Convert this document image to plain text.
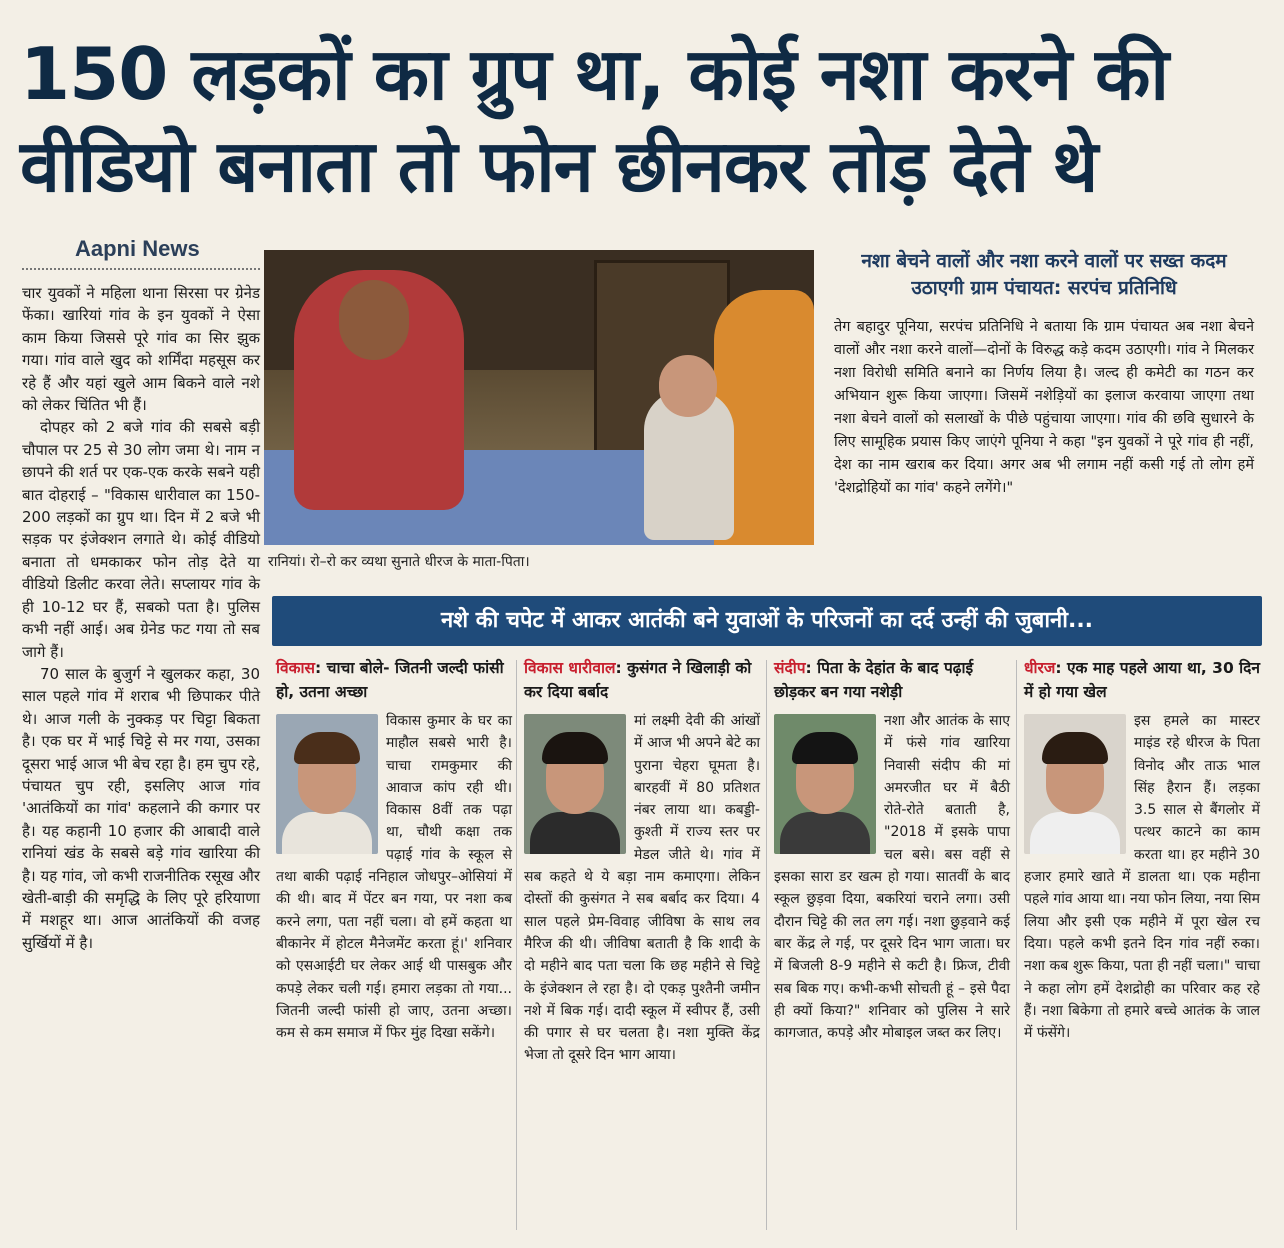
150 लड़कों का ग्रुप था, कोई नशा करने की
वीडियो बनाता तो फोन छीनकर तोड़ देते थे
Aapni News

चार युवकों ने महिला थाना सिरसा पर ग्रेनेड फेंका। खारियां गांव के इन युवकों ने ऐसा काम किया जिससे पूरे गांव का सिर झुक गया। गांव वाले खुद को शर्मिंदा महसूस कर रहे हैं और यहां खुले आम बिकने वाले नशे को लेकर चिंतित भी हैं।

दोपहर को 2 बजे गांव की सबसे बड़ी चौपाल पर 25 से 30 लोग जमा थे। नाम न छापने की शर्त पर एक-एक करके सबने यही बात दोहराई – "विकास धारीवाल का 150-200 लड़कों का ग्रुप था। दिन में 2 बजे भी सड़क पर इंजेक्शन लगाते थे। कोई वीडियो बनाता तो धमकाकर फोन तोड़ देते या वीडियो डिलीट करवा लेते। सप्लायर गांव के ही 10-12 घर हैं, सबको पता है। पुलिस कभी नहीं आई। अब ग्रेनेड फट गया तो सब जागे हैं।

70 साल के बुजुर्ग ने खुलकर कहा, 30 साल पहले गांव में शराब भी छिपाकर पीते थे। आज गली के नुक्कड़ पर चिट्टा बिकता है। एक घर में भाई चिट्टे से मर गया, उसका दूसरा भाई आज भी बेच रहा है। हम चुप रहे, पंचायत चुप रही, इसलिए आज गांव 'आतंकियों का गांव' कहलाने की कगार पर है। यह कहानी 10 हजार की आबादी वाले रानियां खंड के सबसे बड़े गांव खारिया की है। यह गांव, जो कभी राजनीतिक रसूख और खेती-बाड़ी की समृद्धि के लिए पूरे हरियाणा में मशहूर था। आज आतंकियों की वजह सुर्खियों में है।

रानियां। रो–रो कर व्यथा सुनाते धीरज के माता-पिता।
नशा बेचने वालों और नशा करने वालों पर सख्त कदम उठाएगी ग्राम पंचायत: सरपंच प्रतिनिधि
तेग बहादुर पूनिया, सरपंच प्रतिनिधि ने बताया कि ग्राम पंचायत अब नशा बेचने वालों और नशा करने वालों—दोनों के विरुद्ध कड़े कदम उठाएगी। गांव ने मिलकर नशा विरोधी समिति बनाने का निर्णय लिया है। जल्द ही कमेटी का गठन कर अभियान शुरू किया जाएगा। जिसमें नशेड़ियों का इलाज करवाया जाएगा तथा नशा बेचने वालों को सलाखों के पीछे पहुंचाया जाएगा। गांव की छवि सुधारने के लिए सामूहिक प्रयास किए जाएंगे पूनिया ने कहा "इन युवकों ने पूरे गांव ही नहीं, देश का नाम खराब कर दिया। अगर अब भी लगाम नहीं कसी गई तो लोग हमें 'देशद्रोहियों का गांव' कहने लगेंगे।"
नशे की चपेट में आकर आतंकी बने युवाओं के परिजनों का दर्द उन्हीं की जुबानी...
विकास: चाचा बोले- जितनी जल्दी फांसी हो, उतना अच्छा
विकास कुमार के घर का माहौल सबसे भारी है। चाचा रामकुमार की आवाज कांप रही थी। विकास 8वीं तक पढ़ा था, चौथी कक्षा तक पढ़ाई गांव के स्कूल से तथा बाकी पढ़ाई ननिहाल जोधपुर–ओसियां में की थी। बाद में पेंटर बन गया, पर नशा कब करने लगा, पता नहीं चला। वो हमें कहता था बीकानेर में होटल मैनेजमेंट करता हूं।' शनिवार को एसआईटी घर लेकर आई थी पासबुक और कपड़े लेकर चली गई। हमारा लड़का तो गया... जितनी जल्दी फांसी हो जाए, उतना अच्छा। कम से कम समाज में फिर मुंह दिखा सकेंगे।
विकास धारीवाल: कुसंगत ने खिलाड़ी को कर दिया बर्बाद
मां लक्ष्मी देवी की आंखों में आज भी अपने बेटे का पुराना चेहरा घूमता है। बारहवीं में 80 प्रतिशत नंबर लाया था। कबड्डी-कुश्ती में राज्य स्तर पर मेडल जीते थे। गांव में सब कहते थे ये बड़ा नाम कमाएगा। लेकिन दोस्तों की कुसंगत ने सब बर्बाद कर दिया। 4 साल पहले प्रेम-विवाह जीविषा के साथ लव मैरिज की थी। जीविषा बताती है कि शादी के दो महीने बाद पता चला कि छह महीने से चिट्टे के इंजेक्शन ले रहा है। दो एकड़ पुश्तैनी जमीन नशे में बिक गई। दादी स्कूल में स्वीपर हैं, उसी की पगार से घर चलता है। नशा मुक्ति केंद्र भेजा तो दूसरे दिन भाग आया।
संदीप: पिता के देहांत के बाद पढ़ाई छोड़कर बन गया नशेड़ी
नशा और आतंक के साए में फंसे गांव खारिया निवासी संदीप की मां अमरजीत घर में बैठी रोते-रोते बताती है, "2018 में इसके पापा चल बसे। बस वहीं से इसका सारा डर खत्म हो गया। सातवीं के बाद स्कूल छुड़वा दिया, बकरियां चराने लगा। उसी दौरान चिट्टे की लत लग गई। नशा छुड़वाने कई बार केंद्र ले गई, पर दूसरे दिन भाग जाता। घर में बिजली 8-9 महीने से कटी है। फ्रिज, टीवी सब बिक गए। कभी-कभी सोचती हूं – इसे पैदा ही क्यों किया?" शनिवार को पुलिस ने सारे कागजात, कपड़े और मोबाइल जब्त कर लिए।
धीरज: एक माह पहले आया था, 30 दिन में हो गया खेल
इस हमले का मास्टर माइंड रहे धीरज के पिता विनोद और ताऊ भाल सिंह हैरान हैं। लड़का 3.5 साल से बैंगलोर में पत्थर काटने का काम करता था। हर महीने 30 हजार हमारे खाते में डालता था। एक महीना पहले गांव आया था। नया फोन लिया, नया सिम लिया और इसी एक महीने में पूरा खेल रच दिया। पहले कभी इतने दिन गांव नहीं रुका। नशा कब शुरू किया, पता ही नहीं चला।" चाचा ने कहा लोग हमें देशद्रोही का परिवार कह रहे हैं। नशा बिकेगा तो हमारे बच्चे आतंक के जाल में फंसेंगे।
